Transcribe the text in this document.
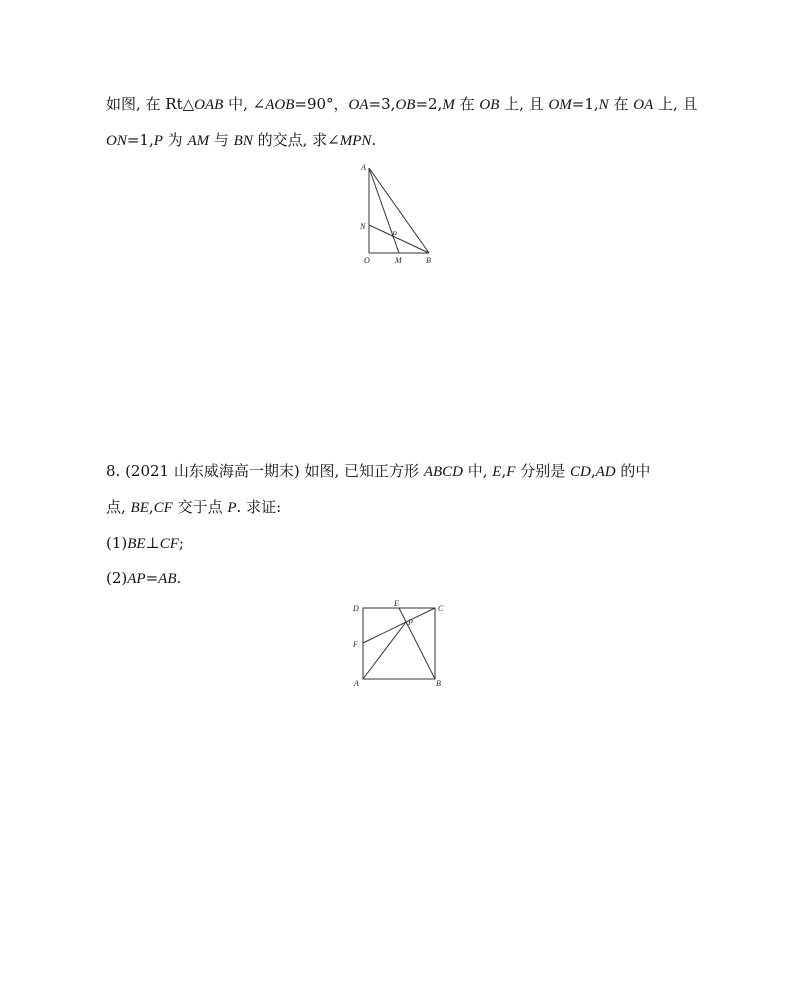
如图, 在 Rt△OAB 中, ∠AOB=90°，OA=3,OB=2,M 在 OB 上, 且 OM=1,N 在 OA 上, 且
ON=1,P 为 AM 与 BN 的交点, 求∠MPN.
A
N
P
O	M	B
8. (2021 山东威海高一期末) 如图, 已知正方形 ABCD 中, E,F 分别是 CD,AD 的中
点, BE,CF 交于点 P. 求证:
(1)BE⊥CF;
(2)AP=AB.
D
E
C
P
F
A	B
